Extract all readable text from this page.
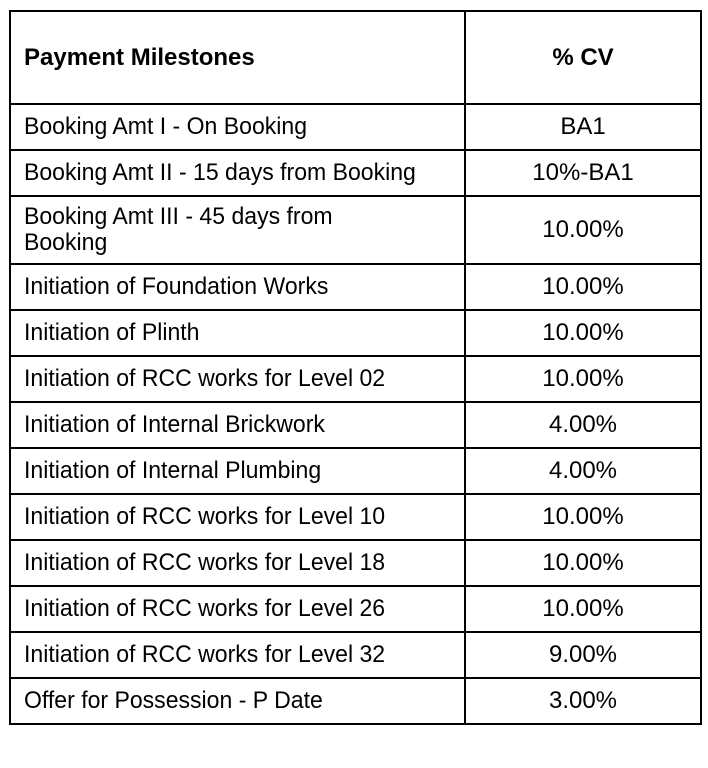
Payment Milestones	% CV

Booking Amt I - On Booking	BA1

Booking Amt II - 15 days from Booking	10%-BA1

Booking Amt III - 45 days from Booking	10.00%

Initiation of Foundation Works	10.00%

Initiation of Plinth	10.00%

Initiation of RCC works for Level 02	10.00%

Initiation of Internal Brickwork	4.00%

Initiation of Internal Plumbing	4.00%

Initiation of RCC works for Level 10	10.00%

Initiation of RCC works for Level 18	10.00%

Initiation of RCC works for Level 26	10.00%

Initiation of RCC works for Level 32	9.00%

Offer for Possession - P Date	3.00%
